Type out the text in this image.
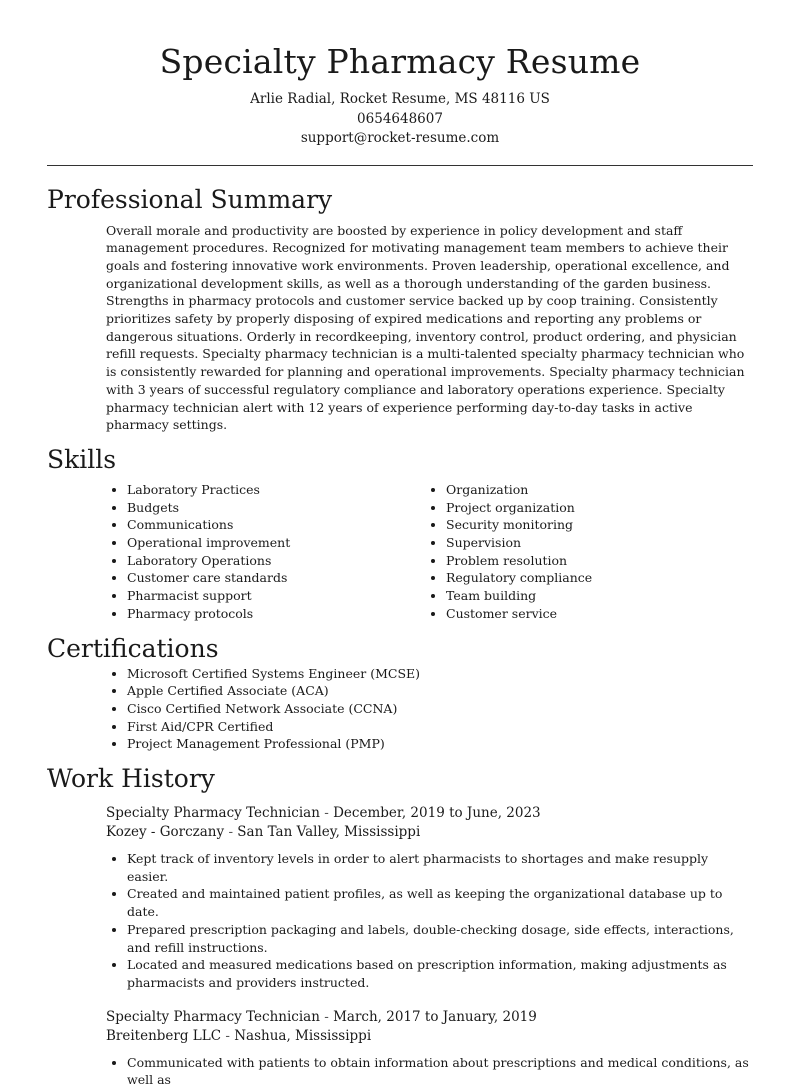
Specialty Pharmacy Resume
Arlie Radial, Rocket Resume, MS 48116 US
0654648607
support@rocket-resume.com
Professional Summary

Overall morale and productivity are boosted by experience in policy development and staff management procedures. Recognized for motivating management team members to achieve their goals and fostering innovative work environments. Proven leadership, operational excellence, and organizational development skills, as well as a thorough understanding of the garden business. Strengths in pharmacy protocols and customer service backed up by coop training. Consistently prioritizes safety by properly disposing of expired medications and reporting any problems or dangerous situations. Orderly in recordkeeping, inventory control, product ordering, and physician refill requests. Specialty pharmacy technician is a multi-talented specialty pharmacy technician who is consistently rewarded for planning and operational improvements. Specialty pharmacy technician with 3 years of successful regulatory compliance and laboratory operations experience. Specialty pharmacy technician alert with 12 years of experience performing day-to-day tasks in active pharmacy settings.

Skills
• Laboratory Practices
• Budgets
• Communications
• Operational improvement
• Laboratory Operations
• Customer care standards
• Pharmacist support
• Pharmacy protocols
• Organization
• Project organization
• Security monitoring
• Supervision
• Problem resolution
• Regulatory compliance
• Team building
• Customer service
Certifications
• Microsoft Certified Systems Engineer (MCSE)
• Apple Certified Associate (ACA)
• Cisco Certified Network Associate (CCNA)
• First Aid/CPR Certified
• Project Management Professional (PMP)
Work History
Specialty Pharmacy Technician - December, 2019 to June, 2023
Kozey - Gorczany - San Tan Valley, Mississippi
• Kept track of inventory levels in order to alert pharmacists to shortages and make resupply easier.
• Created and maintained patient profiles, as well as keeping the organizational database up to date.
• Prepared prescription packaging and labels, double-checking dosage, side effects, interactions, and refill instructions.
• Located and measured medications based on prescription information, making adjustments as pharmacists and providers instructed.
Specialty Pharmacy Technician - March, 2017 to January, 2019
Breitenberg LLC - Nashua, Mississippi
• Communicated with patients to obtain information about prescriptions and medical conditions, as well as
